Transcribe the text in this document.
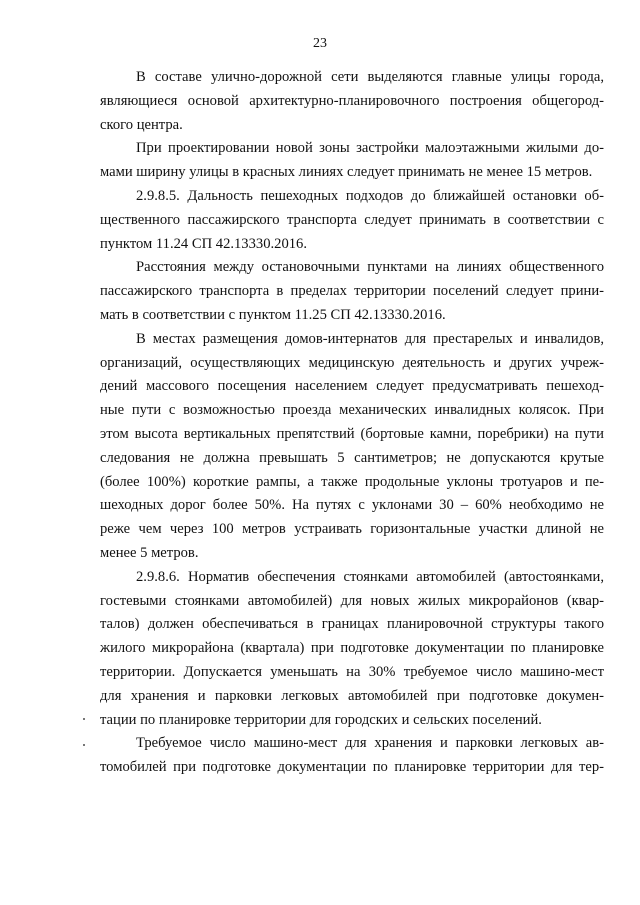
23
В составе улично-дорожной сети выделяются главные улицы города,
являющиеся основой архитектурно-планировочного построения общегород-
ского центра.
При проектировании новой зоны застройки малоэтажными жилыми до-
мами ширину улицы в красных линиях следует принимать не менее 15 метров.
2.9.8.5. Дальность пешеходных подходов до ближайшей остановки об-
щественного пассажирского транспорта следует принимать в соответствии с
пунктом 11.24 СП 42.13330.2016.
Расстояния между остановочными пунктами на линиях общественного
пассажирского транспорта в пределах территории поселений следует прини-
мать в соответствии с пунктом 11.25 СП 42.13330.2016.
В местах размещения домов-интернатов для престарелых и инвалидов,
организаций, осуществляющих медицинскую деятельность и других учреж-
дений массового посещения населением следует предусматривать пешеход-
ные пути с возможностью проезда механических инвалидных колясок. При
этом высота вертикальных препятствий (бортовые камни, поребрики) на пути
следования не должна превышать 5 сантиметров; не допускаются крутые
(более 100%) короткие рампы, а также продольные уклоны тротуаров и пе-
шеходных дорог более 50%. На путях с уклонами 30 – 60% необходимо не
реже чем через 100 метров устраивать горизонтальные участки длиной не
менее 5 метров.
2.9.8.6. Норматив обеспечения стоянками автомобилей (автостоянками,
гостевыми стоянками автомобилей) для новых жилых микрорайонов (квар-
талов) должен обеспечиваться в границах планировочной структуры такого
жилого микрорайона (квартала) при подготовке документации по планировке
территории. Допускается уменьшать на 30% требуемое число машино-мест
для хранения и парковки легковых автомобилей при подготовке докумен-
тации по планировке территории для городских и сельских поселений.
Требуемое число машино-мест для хранения и парковки легковых ав-
томобилей при подготовке документации по планировке территории для тер-
